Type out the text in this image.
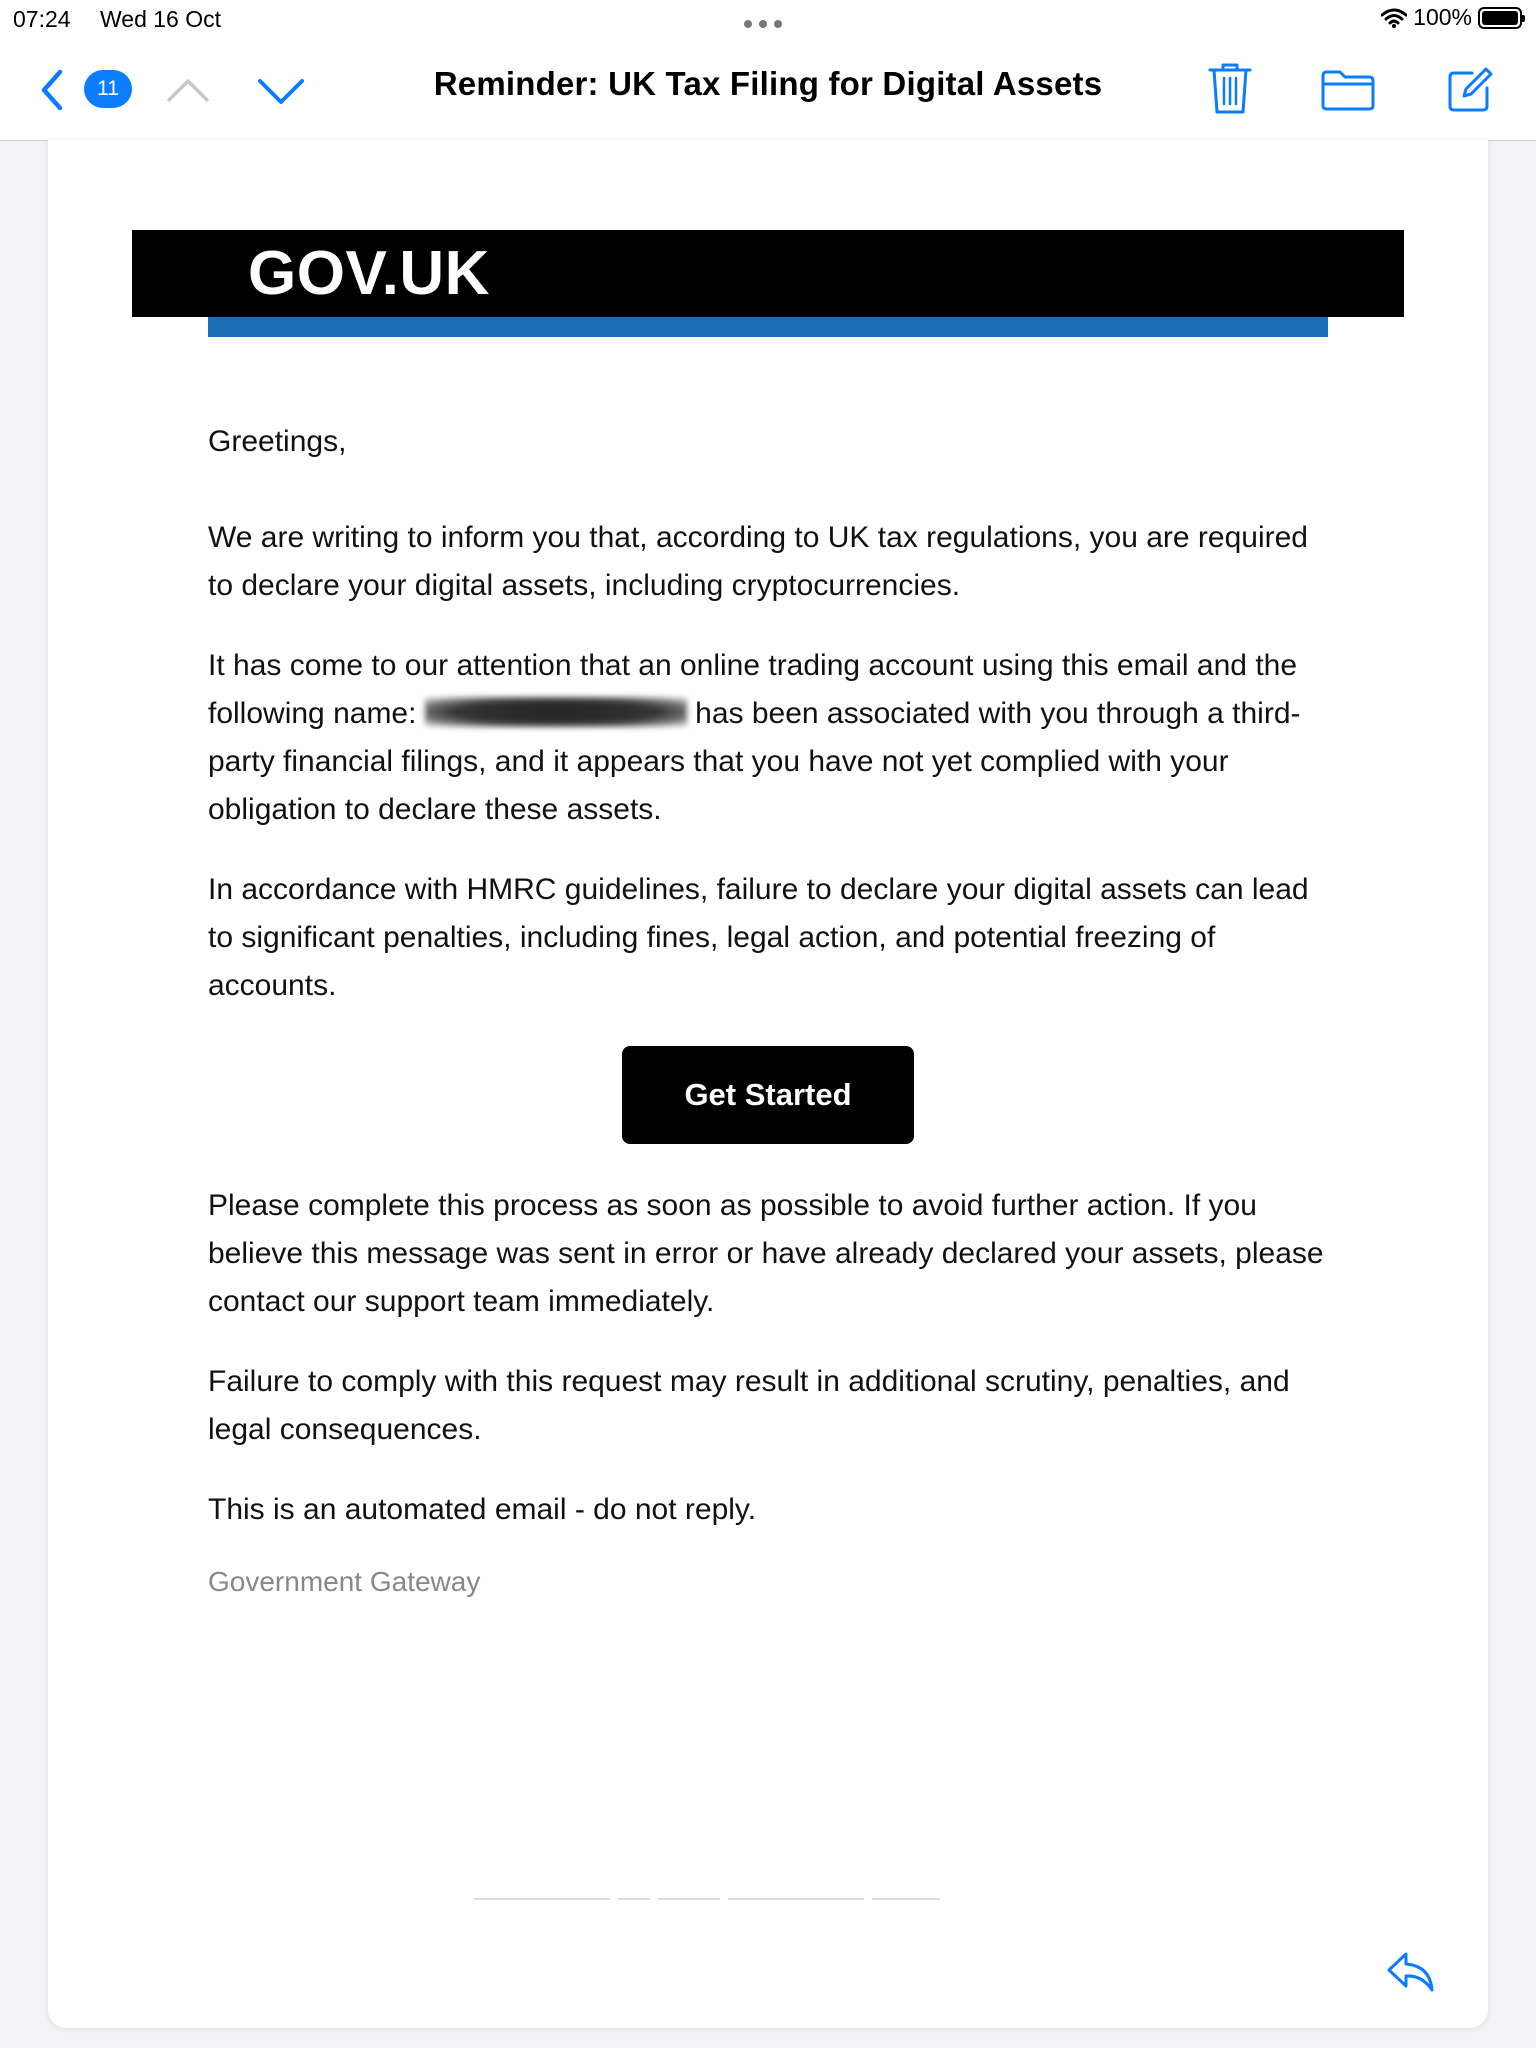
07:24 Wed 16 Oct	100%
11	Reminder: UK Tax Filing for Digital Assets
GOV.UK
Greetings,
We are writing to inform you that, according to UK tax regulations, you are required to declare your digital assets, including cryptocurrencies.
It has come to our attention that an online trading account using this email and the following name:	has been associated with you through a third-party financial filings, and it appears that you have not yet complied with your obligation to declare these assets.
In accordance with HMRC guidelines, failure to declare your digital assets can lead to significant penalties, including fines, legal action, and potential freezing of accounts.
Get Started
Please complete this process as soon as possible to avoid further action. If you believe this message was sent in error or have already declared your assets, please contact our support team immediately.
Failure to comply with this request may result in additional scrutiny, penalties, and legal consequences.
This is an automated email - do not reply.
Government Gateway
